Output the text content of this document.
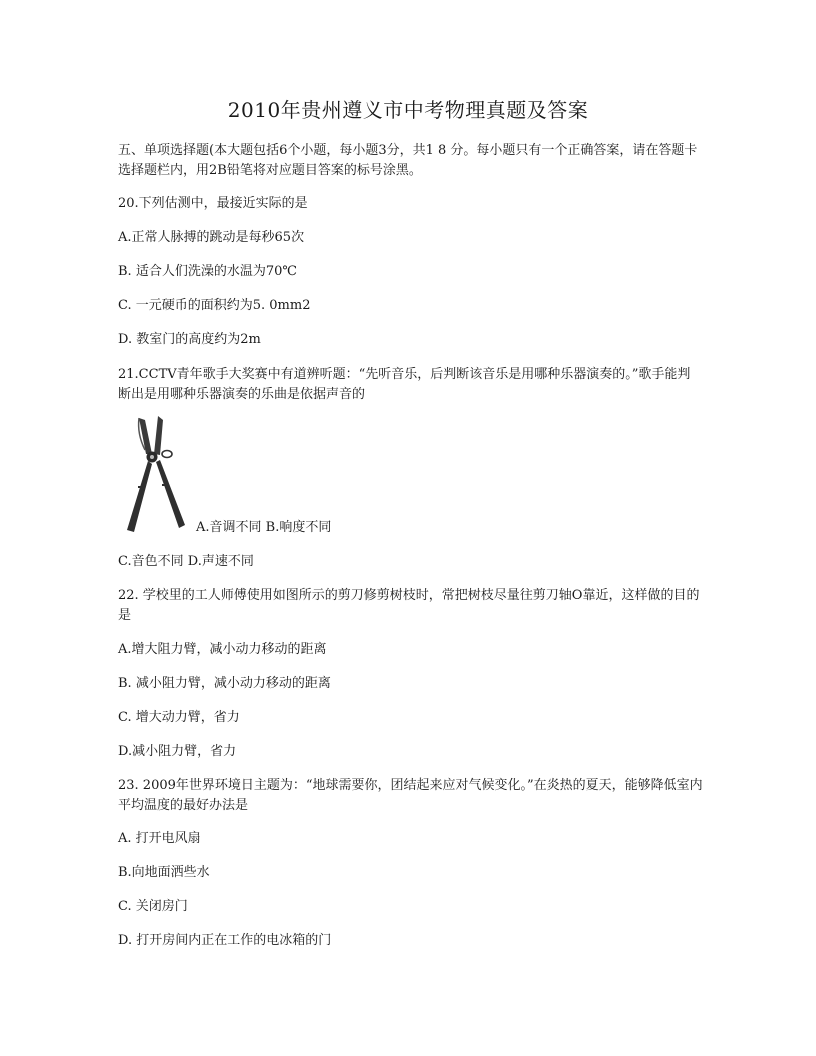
2010年贵州遵义市中考物理真题及答案
五、单项选择题(本大题包括6个小题，每小题3分，共1 8 分。每小题只有一个正确答案，请在答题卡选择题栏内，用2B铅笔将对应题目答案的标号涂黑。
20.下列估测中，最接近实际的是
A.正常人脉搏的跳动是每秒65次
B. 适合人们洗澡的水温为70℃
C. 一元硬币的面积约为5. 0mm2
D. 教室门的高度约为2m
21.CCTV青年歌手大奖赛中有道辨听题：“先听音乐，后判断该音乐是用哪种乐器演奏的。”歌手能判断出是用哪种乐器演奏的乐曲是依据声音的
A.音调不同 B.响度不同
C.音色不同 D.声速不同
22. 学校里的工人师傅使用如图所示的剪刀修剪树枝时，常把树枝尽量往剪刀轴O靠近，这样做的目的是
A.增大阻力臂，减小动力移动的距离
B. 减小阻力臂，减小动力移动的距离
C. 增大动力臂，省力
D.减小阻力臂，省力
23. 2009年世界环境日主题为：“地球需要你，团结起来应对气候变化。”在炎热的夏天，能够降低室内平均温度的最好办法是
A. 打开电风扇
B.向地面洒些水
C. 关闭房门
D. 打开房间内正在工作的电冰箱的门
